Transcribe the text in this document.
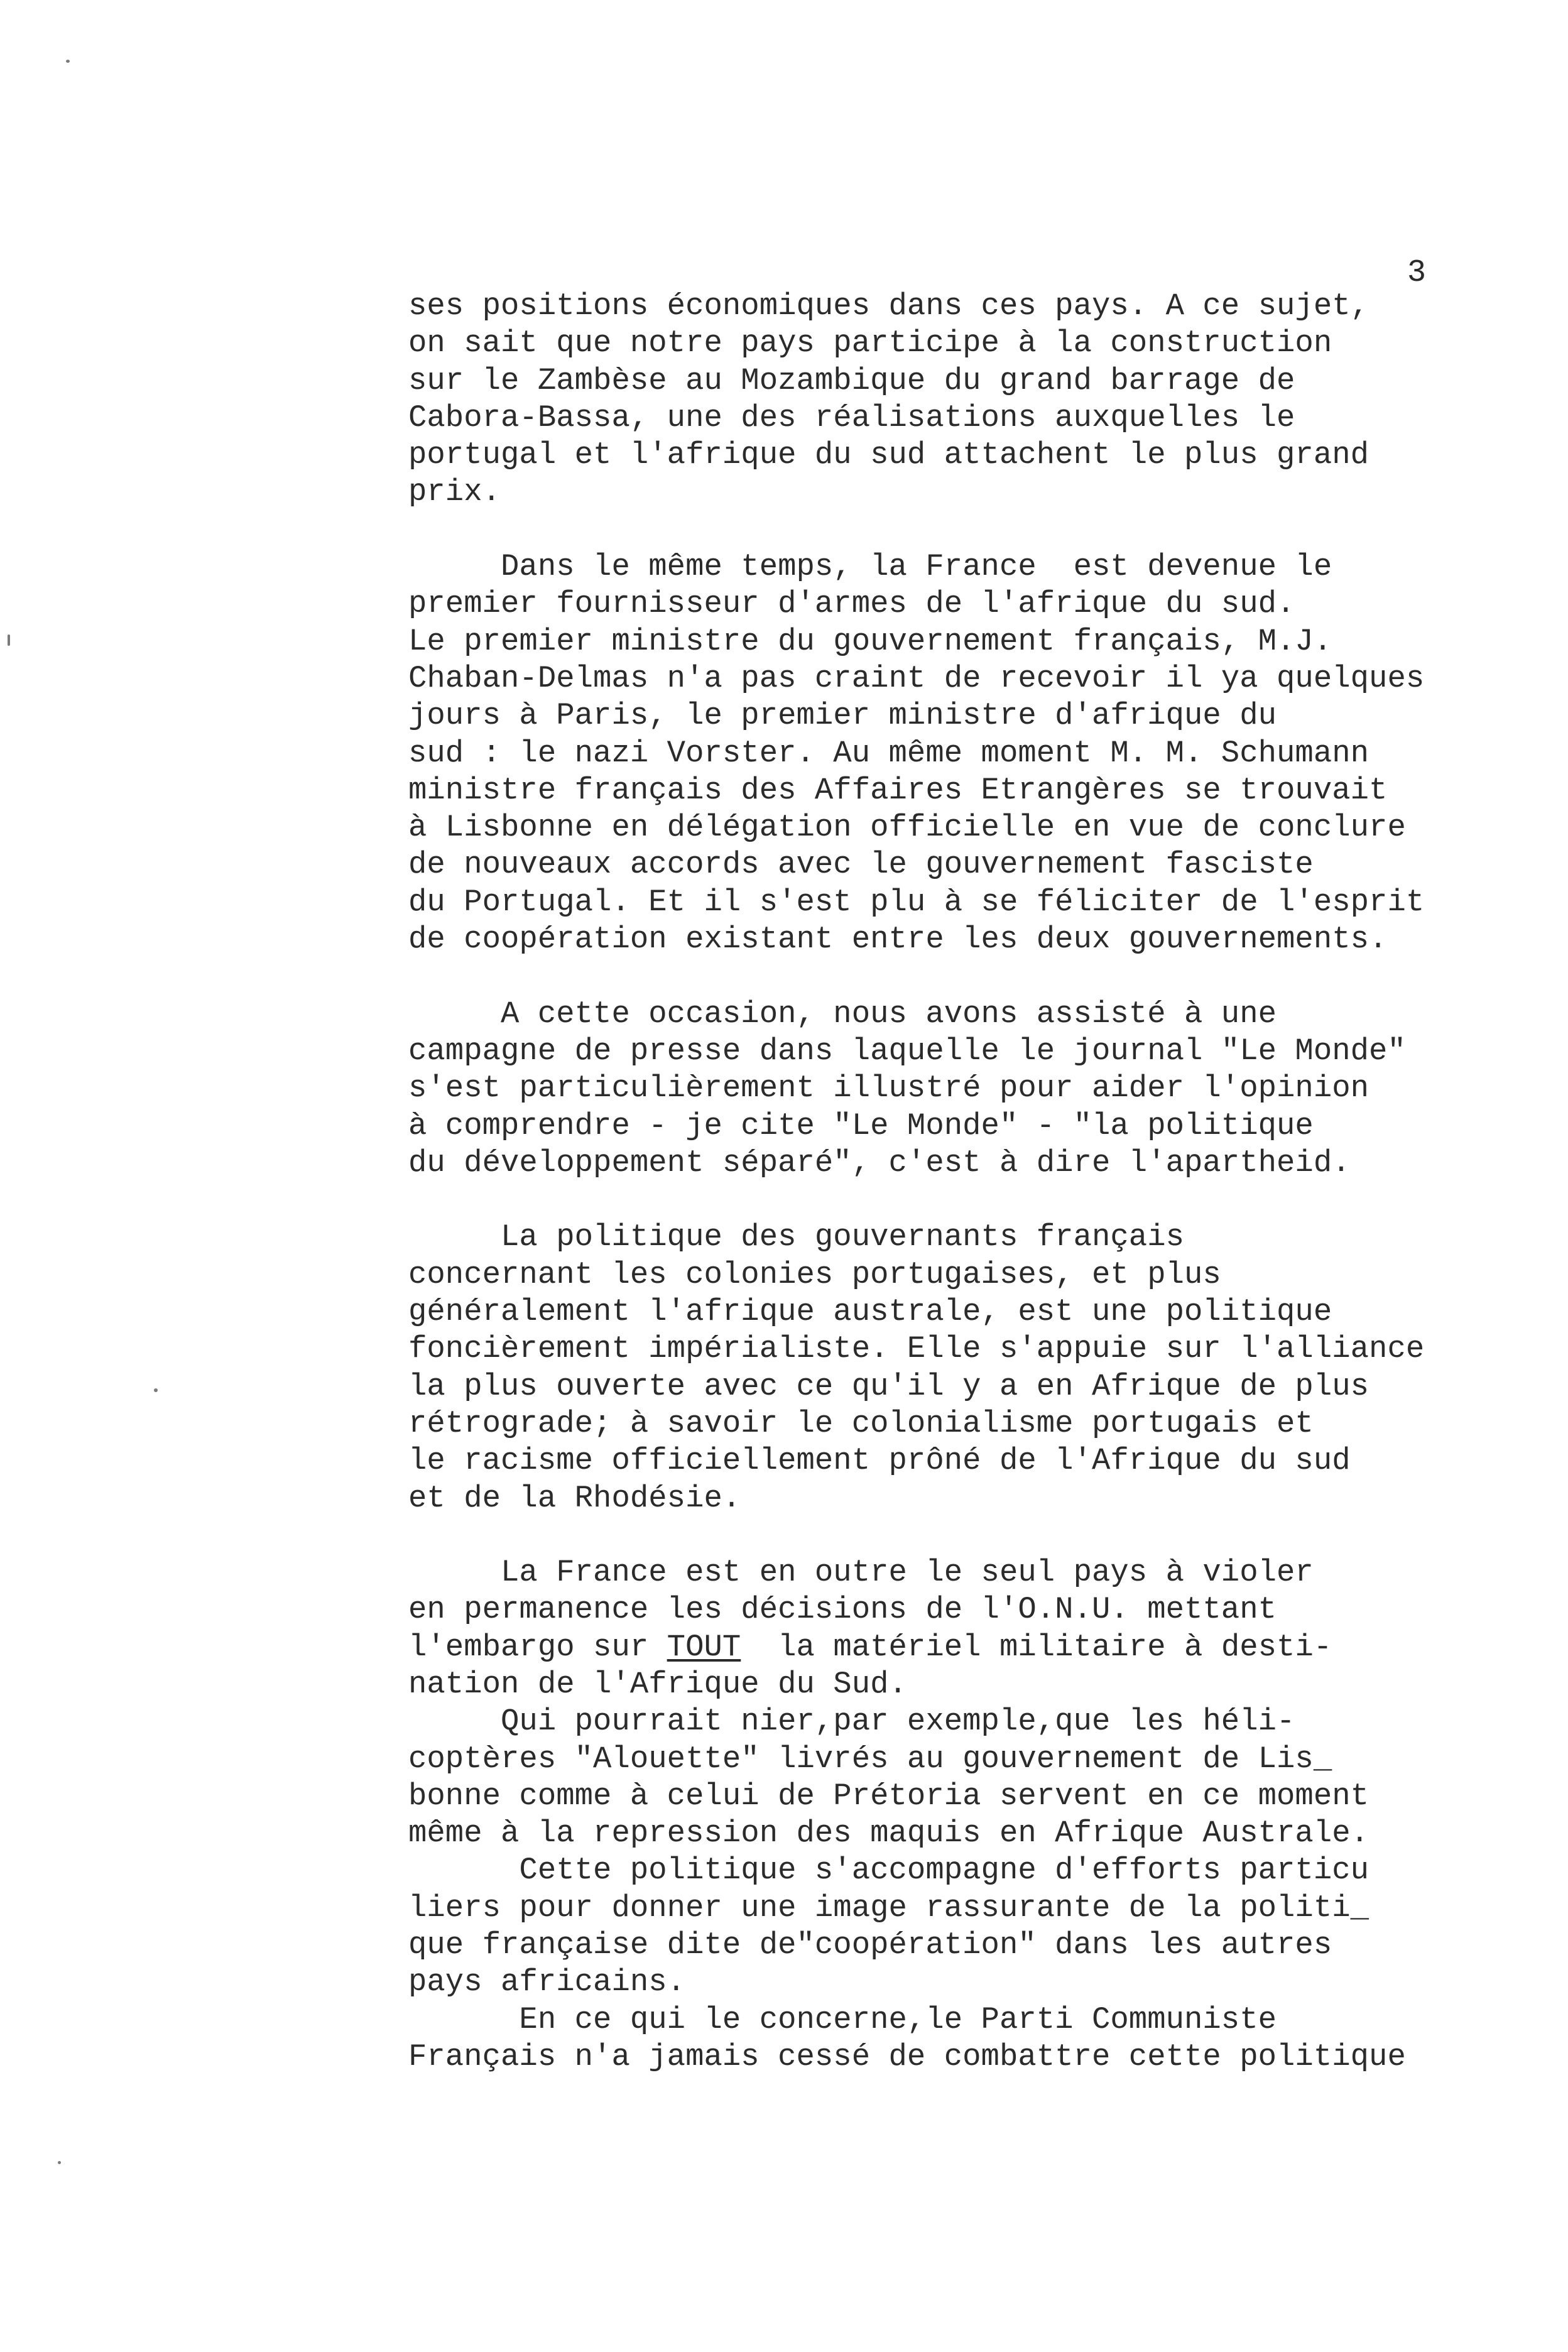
3
ses positions économiques dans ces pays. A ce sujet,
on sait que notre pays participe à la construction
sur le Zambèse au Mozambique du grand barrage de
Cabora-Bassa, une des réalisations auxquelles le
portugal et l'afrique du sud attachent le plus grand
prix.
Dans le même temps, la France  est devenue le
premier fournisseur d'armes de l'afrique du sud.
Le premier ministre du gouvernement français, M.J.
Chaban-Delmas n'a pas craint de recevoir il ya quelques
jours à Paris, le premier ministre d'afrique du
sud : le nazi Vorster. Au même moment M. M. Schumann
ministre français des Affaires Etrangères se trouvait
à Lisbonne en délégation officielle en vue de conclure
de nouveaux accords avec le gouvernement fasciste
du Portugal. Et il s'est plu à se féliciter de l'esprit
de coopération existant entre les deux gouvernements.
A cette occasion, nous avons assisté à une
campagne de presse dans laquelle le journal "Le Monde"
s'est particulièrement illustré pour aider l'opinion
à comprendre - je cite "Le Monde" - "la politique
du développement séparé", c'est à dire l'apartheid.
La politique des gouvernants français
concernant les colonies portugaises, et plus
généralement l'afrique australe, est une politique
foncièrement impérialiste. Elle s'appuie sur l'alliance
la plus ouverte avec ce qu'il y a en Afrique de plus
rétrograde; à savoir le colonialisme portugais et
le racisme officiellement prôné de l'Afrique du sud
et de la Rhodésie.
La France est en outre le seul pays à violer
en permanence les décisions de l'O.N.U. mettant
l'embargo sur TOUT  la matériel militaire à desti-
nation de l'Afrique du Sud.
Qui pourrait nier,par exemple,que les héli-
coptères "Alouette" livrés au gouvernement de Lis_
bonne comme à celui de Prétoria servent en ce moment
même à la repression des maquis en Afrique Australe.
Cette politique s'accompagne d'efforts particu
liers pour donner une image rassurante de la politi_
que française dite de"coopération" dans les autres
pays africains.
En ce qui le concerne,le Parti Communiste
Français n'a jamais cessé de combattre cette politique
